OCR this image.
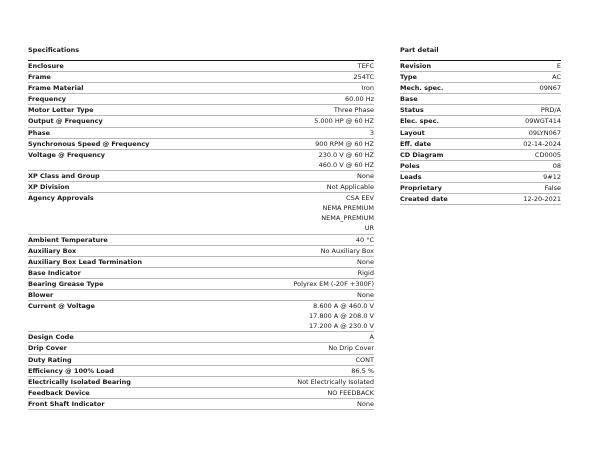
Specifications
Enclosure	TEFC
Frame	254TC
Frame Material	Iron
Frequency	60.00 Hz
Motor Letter Type	Three Phase
Output @ Frequency	5.000 HP @ 60 HZ
Phase	3
Synchronous Speed @ Frequency	900 RPM @ 60 HZ
Voltage @ Frequency	230.0 V @ 60 HZ
460.0 V @ 60 HZ
XP Class and Group	None
XP Division	Not Applicable
Agency Approvals	CSA EEV
NEMA PREMIUM
NEMA_PREMIUM
UR
Ambient Temperature	40 °C
Auxiliary Box	No Auxiliary Box
Auxiliary Box Lead Termination	None
Base Indicator	Rigid
Bearing Grease Type	Polyrex EM (-20F +300F)
Blower	None
Current @ Voltage	8.600 A @ 460.0 V
17.800 A @ 208.0 V
17.200 A @ 230.0 V
Design Code	A
Drip Cover	No Drip Cover
Duty Rating	CONT
Efficiency @ 100% Load	86.5 %
Electrically Isolated Bearing	Not Electrically Isolated
Feedback Device	NO FEEDBACK
Front Shaft Indicator	None
Part detail
Revision	E
Type	AC
Mech. spec.	09N67
Base
Status	PRD/A
Elec. spec.	09WGT414
Layout	09LYN067
Eff. date	02-14-2024
CD Diagram	CD0005
Poles	08
Leads	9#12
Proprietary	False
Created date	12-20-2021
